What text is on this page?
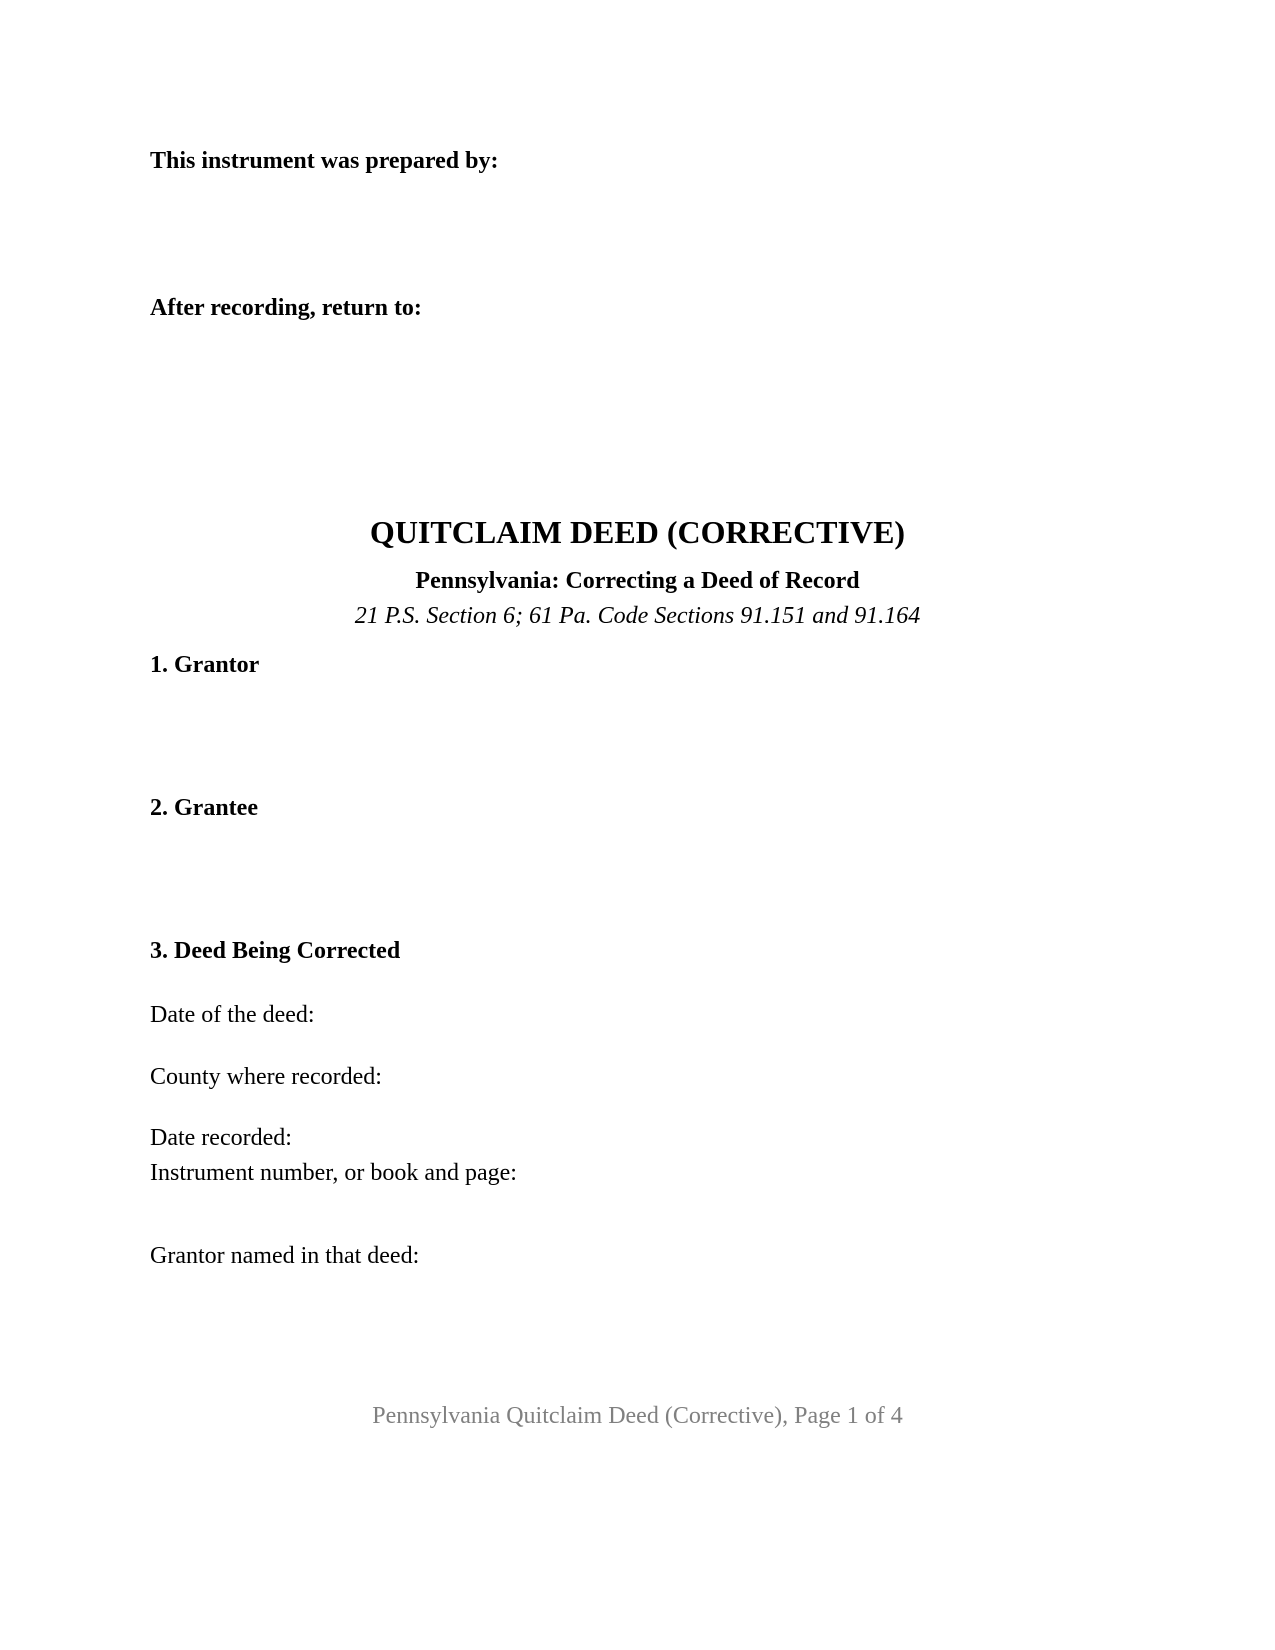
This instrument was prepared by:

After recording, return to:

QUITCLAIM DEED (CORRECTIVE)

Pennsylvania: Correcting a Deed of Record

21 P.S. Section 6; 61 Pa. Code Sections 91.151 and 91.164

1. Grantor

2. Grantee

3. Deed Being Corrected

Date of the deed:

County where recorded:

Date recorded:

Instrument number, or book and page:

Grantor named in that deed:

Pennsylvania Quitclaim Deed (Corrective), Page 1 of 4
